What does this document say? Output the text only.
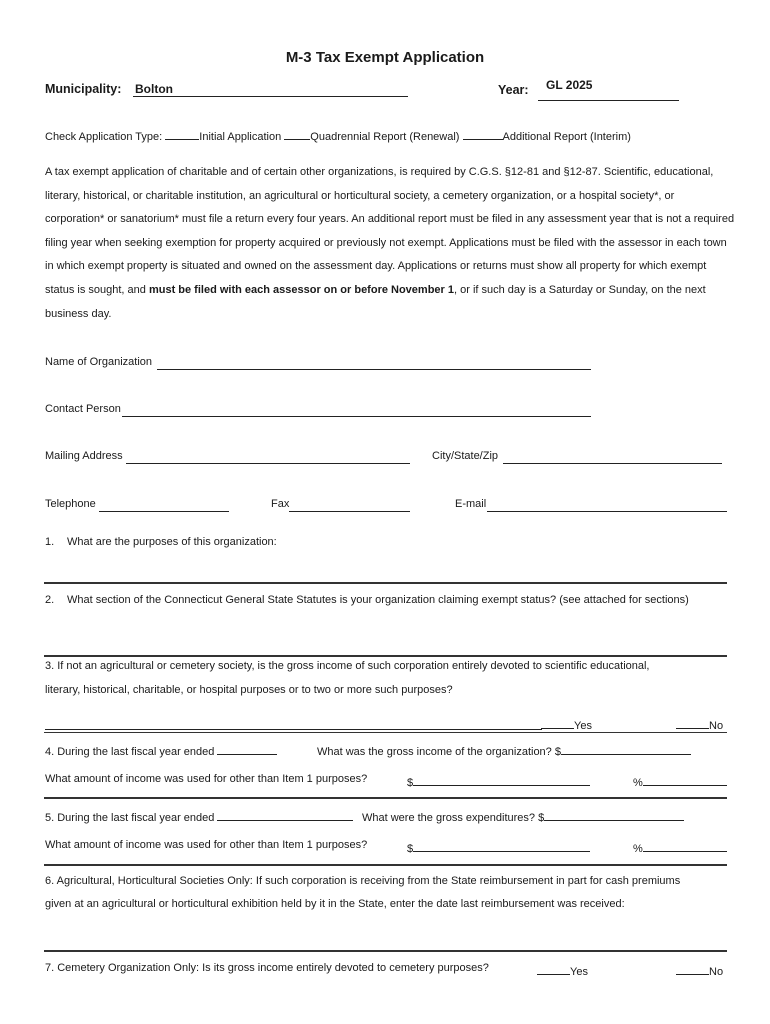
M-3 Tax Exempt Application
Municipality: Bolton	Year: GL 2025
Check Application Type:	Initial Application	Quadrennial Report (Renewal)	Additional Report (Interim)
A tax exempt application of charitable and of certain other organizations, is required by C.G.S. §12-81 and §12-87. Scientific, educational, literary, historical, or charitable institution, an agricultural or horticultural society, a cemetery organization, or a hospital society*, or corporation* or sanatorium* must file a return every four years. An additional report must be filed in any assessment year that is not a required filing year when seeking exemption for property acquired or previously not exempt. Applications must be filed with the assessor in each town in which exempt property is situated and owned on the assessment day. Applications or returns must show all property for which exempt status is sought, and must be filed with each assessor on or before November 1, or if such day is a Saturday or Sunday, on the next business day.
Name of Organization
Contact Person
Mailing Address	City/State/Zip
Telephone	Fax	E-mail
1. What are the purposes of this organization:
2. What section of the Connecticut General State Statutes is your organization claiming exempt status? (see attached for sections)
3. If not an agricultural or cemetery society, is the gross income of such corporation entirely devoted to scientific educational,
literary, historical, charitable, or hospital purposes or to two or more such purposes?
Yes	No
4. During the last fiscal year ended	What was the gross income of the organization? $
What amount of income was used for other than Item 1 purposes?	$	%
5. During the last fiscal year ended	What were the gross expenditures? $
What amount of income was used for other than Item 1 purposes?	$	%
6. Agricultural, Horticultural Societies Only: If such corporation is receiving from the State reimbursement in part for cash premiums
given at an agricultural or horticultural exhibition held by it in the State, enter the date last reimbursement was received:
7. Cemetery Organization Only: Is its gross income entirely devoted to cemetery purposes?	Yes	No
